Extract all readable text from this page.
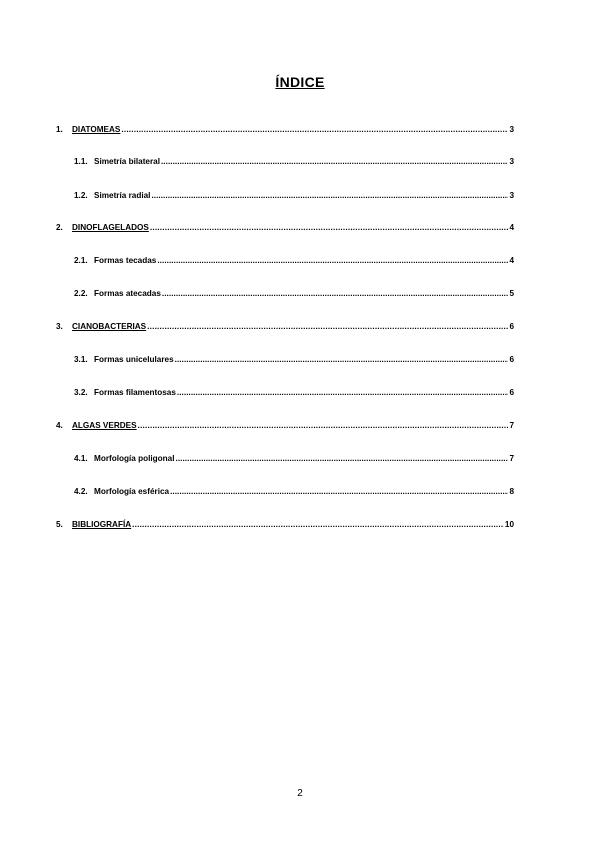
ÍNDICE
1.	DIATOMEAS .....	3
1.1. Simetría bilateral .....	3
1.2. Simetría radial .....	3
2.	DINOFLAGELADOS .....	4
2.1. Formas tecadas .....	4
2.2. Formas atecadas .....	5
3.	CIANOBACTERIAS .....	6
3.1. Formas unicelulares .....	6
3.2. Formas filamentosas .....	6
4.	ALGAS VERDES .....	7
4.1. Morfología poligonal .....	7
4.2. Morfología esférica .....	8
5.	BIBLIOGRAFÍA .....	10
2
